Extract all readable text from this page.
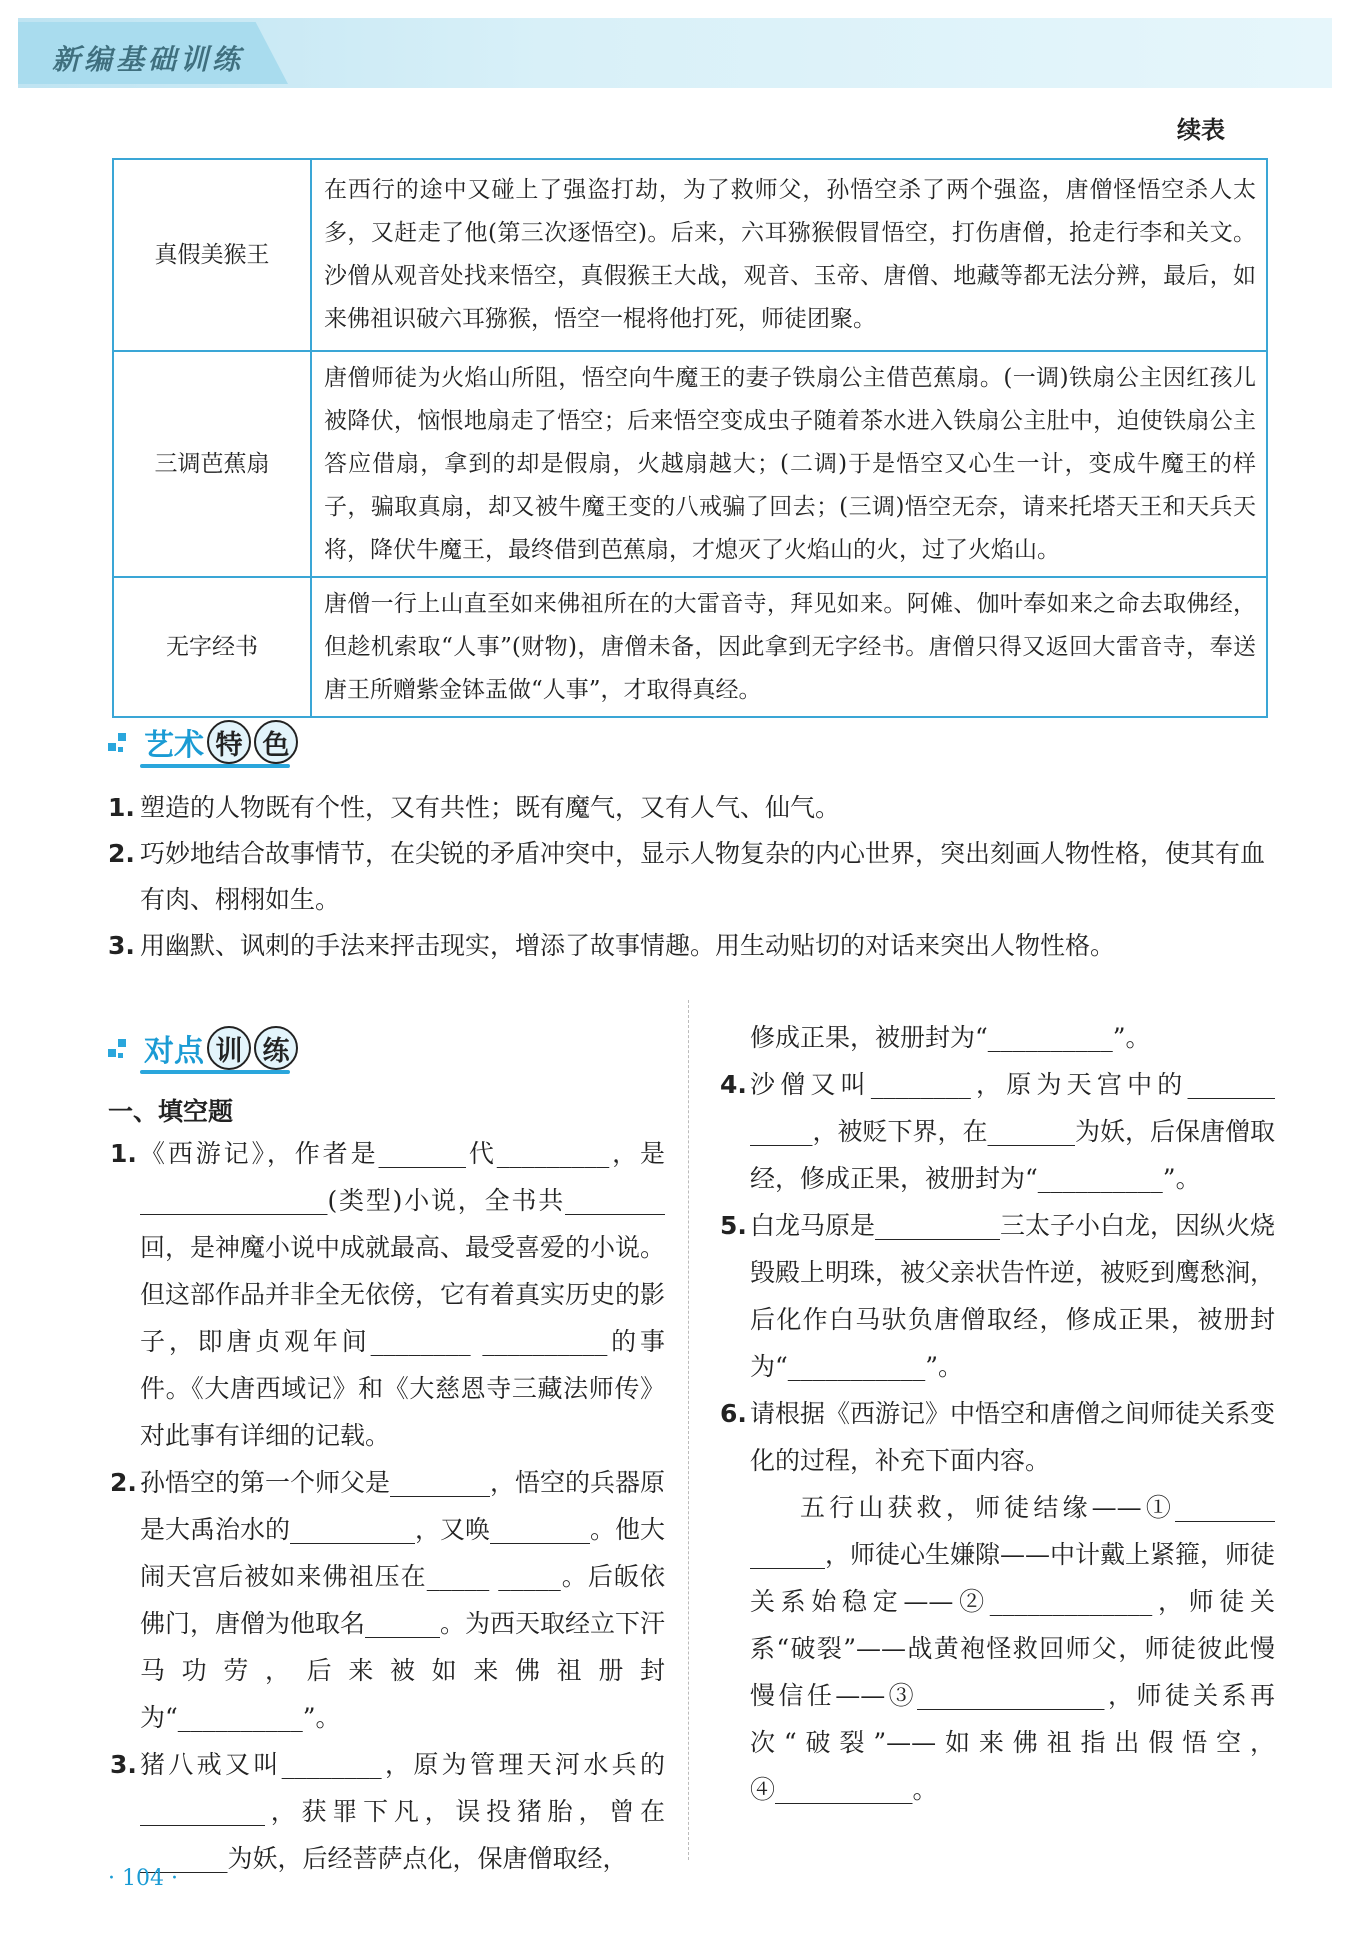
新编基础训练
续表
真假美猴王	在西行的途中又碰上了强盗打劫，为了救师父，孙悟空杀了两个强盗，唐僧怪悟空杀人太多，又赶走了他(第三次逐悟空)。后来，六耳猕猴假冒悟空，打伤唐僧，抢走行李和关文。沙僧从观音处找来悟空，真假猴王大战，观音、玉帝、唐僧、地藏等都无法分辨，最后，如来佛祖识破六耳猕猴，悟空一棍将他打死，师徒团聚。
三调芭蕉扇	唐僧师徒为火焰山所阻，悟空向牛魔王的妻子铁扇公主借芭蕉扇。(一调)铁扇公主因红孩儿被降伏，恼恨地扇走了悟空；后来悟空变成虫子随着茶水进入铁扇公主肚中，迫使铁扇公主答应借扇，拿到的却是假扇，火越扇越大；(二调)于是悟空又心生一计，变成牛魔王的样子，骗取真扇，却又被牛魔王变的八戒骗了回去；(三调)悟空无奈，请来托塔天王和天兵天将，降伏牛魔王，最终借到芭蕉扇，才熄灭了火焰山的火，过了火焰山。
无字经书	唐僧一行上山直至如来佛祖所在的大雷音寺，拜见如来。阿傩、伽叶奉如来之命去取佛经，但趁机索取“人事”(财物)，唐僧未备，因此拿到无字经书。唐僧只得又返回大雷音寺，奉送唐王所赠紫金钵盂做“人事”，才取得真经。
艺术 特 色
1. 塑造的人物既有个性，又有共性；既有魔气，又有人气、仙气。
2. 巧妙地结合故事情节，在尖锐的矛盾冲突中，显示人物复杂的内心世界，突出刻画人物性格，使其有血有肉、栩栩如生。
3. 用幽默、讽刺的手法来抨击现实，增添了故事情趣。用生动贴切的对话来突出人物性格。
对点 训 练
一、填空题
1. 《西游记》，作者是_______代_________，是_______________(类型)小说，全书共________回，是神魔小说中成就最高、最受喜爱的小说。但这部作品并非全无依傍，它有着真实历史的影子，即唐贞观年间________ __________的事件。《大唐西域记》和《大慈恩寺三藏法师传》对此事有详细的记载。
2. 孙悟空的第一个师父是________，悟空的兵器原是大禹治水的__________，又唤________。他大闹天宫后被如来佛祖压在_____ _____。后皈依佛门，唐僧为他取名______。为西天取经立下汗马功劳，后来被如来佛祖册封为“__________”。
3. 猪八戒又叫________，原为管理天河水兵的__________，获罪下凡，误投猪胎，曾在_______为妖，后经菩萨点化，保唐僧取经，
修成正果，被册封为“__________”。
4. 沙僧又叫________，原为天宫中的_______ _____，被贬下界，在_______为妖，后保唐僧取经，修成正果，被册封为“__________”。
5. 白龙马原是__________三太子小白龙，因纵火烧毁殿上明珠，被父亲状告忤逆，被贬到鹰愁涧，后化作白马驮负唐僧取经，修成正果，被册封为“___________”。
6. 请根据《西游记》中悟空和唐僧之间师徒关系变化的过程，补充下面内容。
五行山获救，师徒结缘——①________ ______，师徒心生嫌隙——中计戴上紧箍，师徒关系始稳定——②_____________，师徒关系“破裂”——战黄袍怪救回师父，师徒彼此慢慢信任——③_______________，师徒关系再次“破裂”——如来佛祖指出假悟空，④___________。
· 104 ·
